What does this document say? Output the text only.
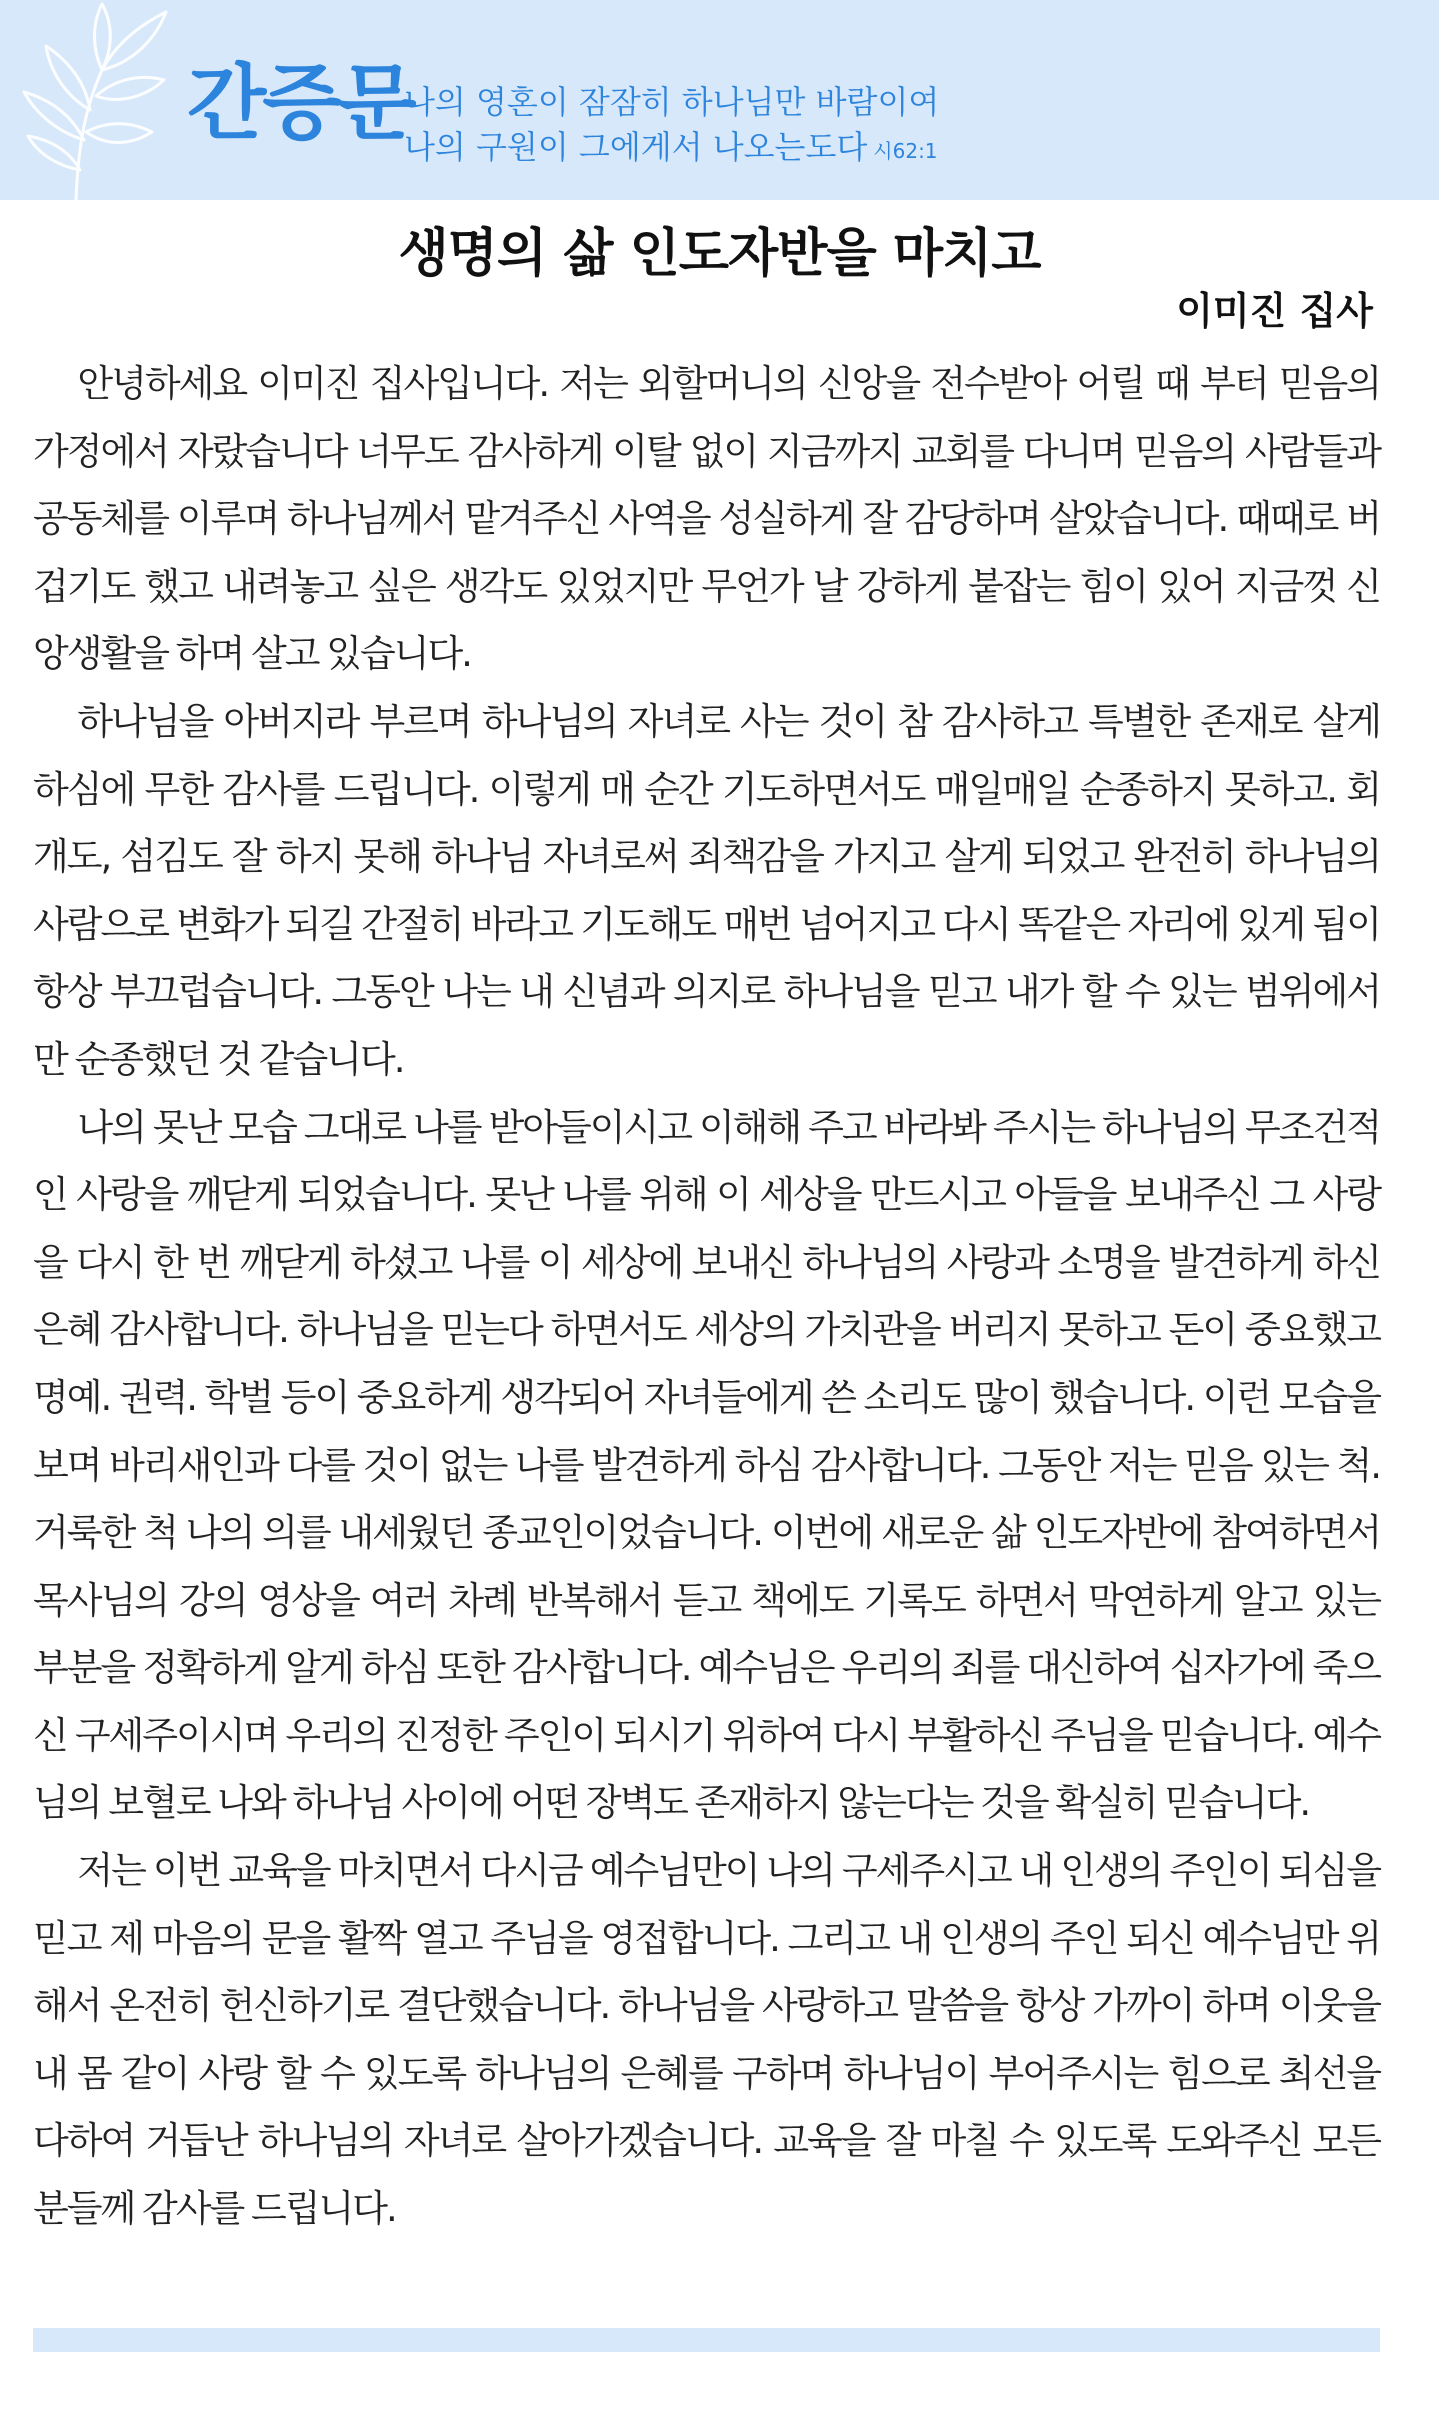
간증문
나의 영혼이 잠잠히 하나님만 바람이여
나의 구원이 그에게서 나오는도다 시62:1
생명의 삶 인도자반을 마치고
이미진 집사

안녕하세요 이미진 집사입니다. 저는 외할머니의 신앙을 전수받아 어릴 때 부터 믿음의 가정에서 자랐습니다 너무도 감사하게 이탈 없이 지금까지 교회를 다니며 믿음의 사람들과 공동체를 이루며 하나님께서 맡겨주신 사역을 성실하게 잘 감당하며 살았습니다. 때때로 버겁기도 했고 내려놓고 싶은 생각도 있었지만 무언가 날 강하게 붙잡는 힘이 있어 지금껏 신앙생활을 하며 살고 있습니다.

하나님을 아버지라 부르며 하나님의 자녀로 사는 것이 참 감사하고 특별한 존재로 살게 하심에 무한 감사를 드립니다. 이렇게 매 순간 기도하면서도 매일매일 순종하지 못하고. 회개도, 섬김도 잘 하지 못해 하나님 자녀로써 죄책감을 가지고 살게 되었고 완전히 하나님의 사람으로 변화가 되길 간절히 바라고 기도해도 매번 넘어지고 다시 똑같은 자리에 있게 됨이 항상 부끄럽습니다. 그동안 나는 내 신념과 의지로 하나님을 믿고 내가 할 수 있는 범위에서만 순종했던 것 같습니다.

나의 못난 모습 그대로 나를 받아들이시고 이해해 주고 바라봐 주시는 하나님의 무조건적인 사랑을 깨닫게 되었습니다. 못난 나를 위해 이 세상을 만드시고 아들을 보내주신 그 사랑을 다시 한 번 깨닫게 하셨고 나를 이 세상에 보내신 하나님의 사랑과 소명을 발견하게 하신 은혜 감사합니다. 하나님을 믿는다 하면서도 세상의 가치관을 버리지 못하고 돈이 중요했고 명예. 권력. 학벌 등이 중요하게 생각되어 자녀들에게 쓴 소리도 많이 했습니다. 이런 모습을 보며 바리새인과 다를 것이 없는 나를 발견하게 하심 감사합니다. 그동안 저는 믿음 있는 척. 거룩한 척 나의 의를 내세웠던 종교인이었습니다. 이번에 새로운 삶 인도자반에 참여하면서 목사님의 강의 영상을 여러 차례 반복해서 듣고 책에도 기록도 하면서 막연하게 알고 있는 부분을 정확하게 알게 하심 또한 감사합니다. 예수님은 우리의 죄를 대신하여 십자가에 죽으신 구세주이시며 우리의 진정한 주인이 되시기 위하여 다시 부활하신 주님을 믿습니다. 예수님의 보혈로 나와 하나님 사이에 어떤 장벽도 존재하지 않는다는 것을 확실히 믿습니다.

저는 이번 교육을 마치면서 다시금 예수님만이 나의 구세주시고 내 인생의 주인이 되심을 믿고 제 마음의 문을 활짝 열고 주님을 영접합니다. 그리고 내 인생의 주인 되신 예수님만 위해서 온전히 헌신하기로 결단했습니다. 하나님을 사랑하고 말씀을 항상 가까이 하며 이웃을 내 몸 같이 사랑 할 수 있도록 하나님의 은혜를 구하며 하나님이 부어주시는 힘으로 최선을 다하여 거듭난 하나님의 자녀로 살아가겠습니다. 교육을 잘 마칠 수 있도록 도와주신 모든 분들께 감사를 드립니다.
